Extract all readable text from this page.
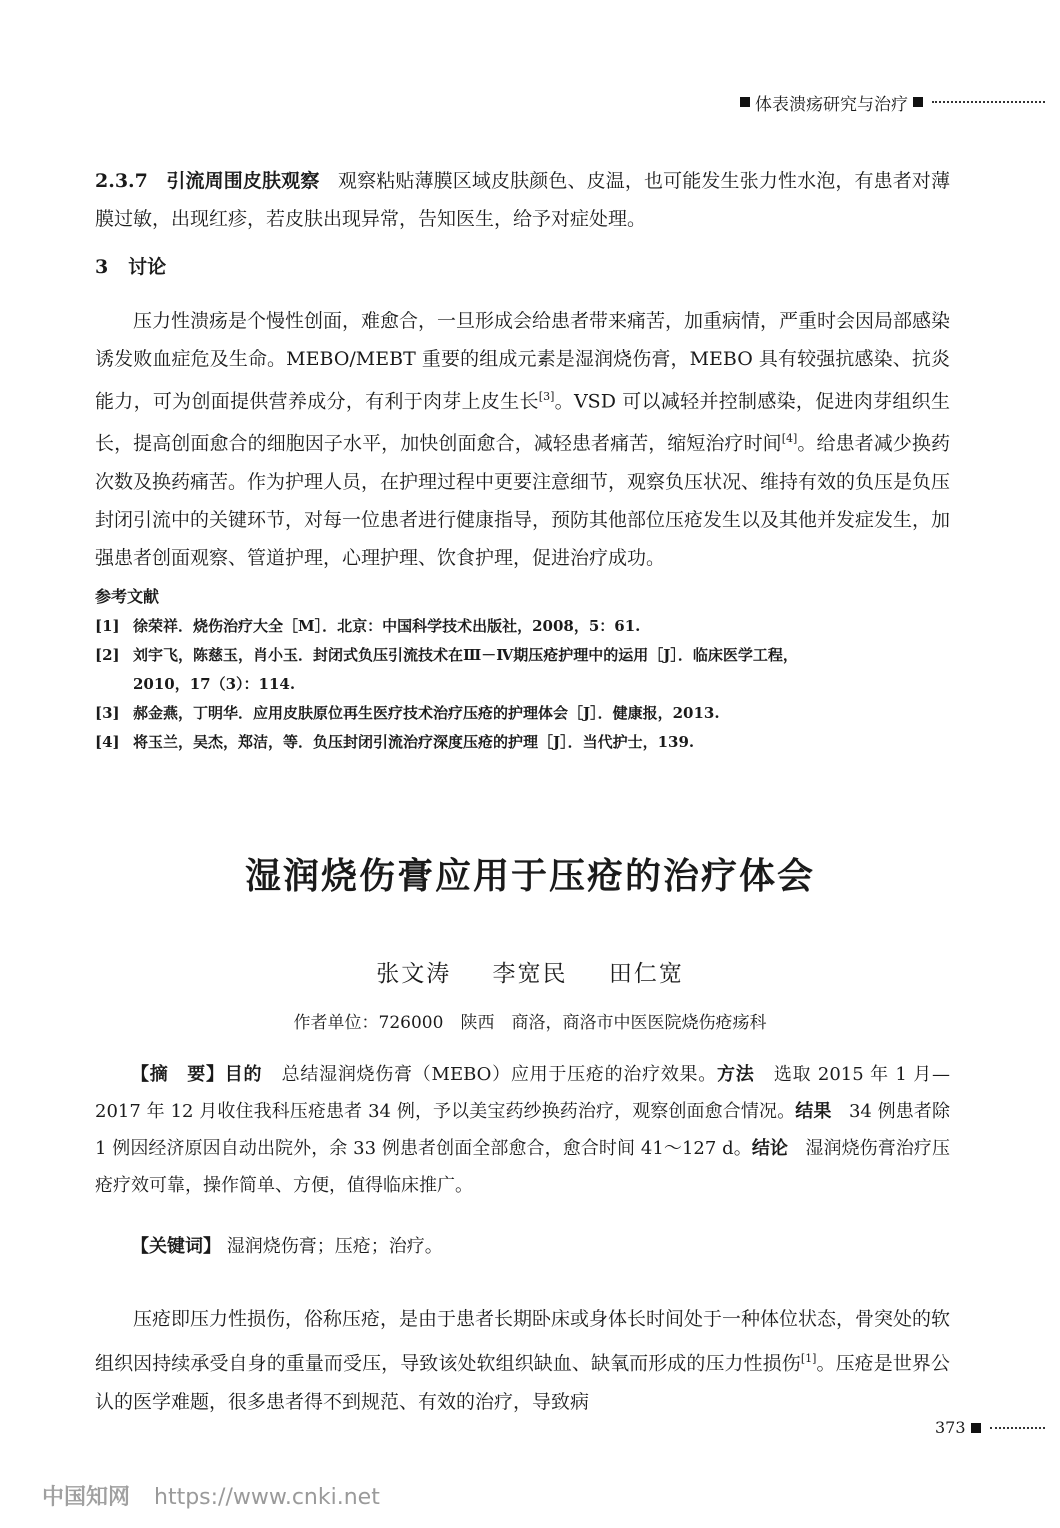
体表溃疡研究与治疗
2.3.7 引流周围皮肤观察 观察粘贴薄膜区域皮肤颜色、皮温，也可能发生张力性水泡，有患者对薄膜过敏，出现红疹，若皮肤出现异常，告知医生，给予对症处理。
3 讨论
压力性溃疡是个慢性创面，难愈合，一旦形成会给患者带来痛苦，加重病情，严重时会因局部感染诱发败血症危及生命。MEBO/MEBT 重要的组成元素是湿润烧伤膏，MEBO 具有较强抗感染、抗炎能力，可为创面提供营养成分，有利于肉芽上皮生长[3]。VSD 可以减轻并控制感染，促进肉芽组织生长，提高创面愈合的细胞因子水平，加快创面愈合，减轻患者痛苦，缩短治疗时间[4]。给患者减少换药次数及换药痛苦。作为护理人员，在护理过程中更要注意细节，观察负压状况、维持有效的负压是负压封闭引流中的关键环节，对每一位患者进行健康指导，预防其他部位压疮发生以及其他并发症发生，加强患者创面观察、管道护理，心理护理、饮食护理，促进治疗成功。
参考文献
[1] 徐荣祥．烧伤治疗大全［M］．北京：中国科学技术出版社，2008，5：61.
[2] 刘宇飞，陈慈玉，肖小玉．封闭式负压引流技术在Ⅲ－Ⅳ期压疮护理中的运用［J］．临床医学工程，
2010，17（3）：114.
[3] 郝金燕，丁明华．应用皮肤原位再生医疗技术治疗压疮的护理体会［J］．健康报，2013.
[4] 将玉兰，吴杰，郑洁，等．负压封闭引流治疗深度压疮的护理［J］．当代护士，139.
湿润烧伤膏应用于压疮的治疗体会
张文涛 李宽民 田仁宽
作者单位：726000　陕西　商洛，商洛市中医医院烧伤疮疡科
【摘　要】目的 总结湿润烧伤膏（MEBO）应用于压疮的治疗效果。方法 选取 2015 年 1 月—2017 年 12 月收住我科压疮患者 34 例，予以美宝药纱换药治疗，观察创面愈合情况。结果 34 例患者除 1 例因经济原因自动出院外，余 33 例患者创面全部愈合，愈合时间 41～127 d。结论 湿润烧伤膏治疗压疮疗效可靠，操作简单、方便，值得临床推广。
【关键词】 湿润烧伤膏；压疮；治疗。
压疮即压力性损伤，俗称压疮，是由于患者长期卧床或身体长时间处于一种体位状态，骨突处的软组织因持续承受自身的重量而受压，导致该处软组织缺血、缺氧而形成的压力性损伤[1]。压疮是世界公认的医学难题，很多患者得不到规范、有效的治疗，导致病
373
中国知网 https://www.cnki.net
